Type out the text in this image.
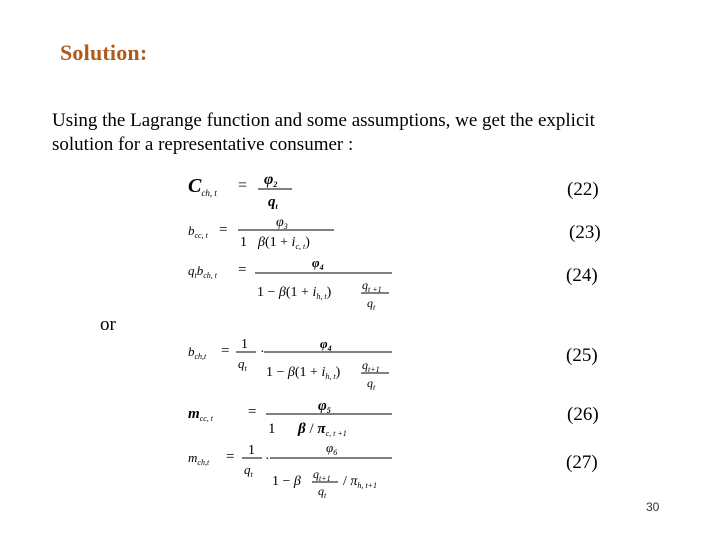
Solution:
Using the Lagrange function and some assumptions, we get the explicit
solution for a representative consumer :
or
(22)
(23)
(24)
(25)
(26)
(27)
$C_{ch, t} = \varphi 2$
$q_t$
$b_{cc, t}$ =	$\varphi_3$
1 $\beta(1 + i_{c, t})$
$q_tb_{ch, t}$ =	$\varphi_4$
$1 - \beta(1 + i_{h, t})$	$q_{t +1}$
$q_t$
$b_{ch,t} = 1$
$q_t$
·
$\varphi_4$
$1 - \beta(1 + i_{h, t})$ $q_{t+1}$
$q_t$
$m_{cc, t}$ =	$\varphi_5$
1 β / $\pi_{c, t +1}$
$m_{ch,t} = 1$
$q_t$
·
$\varphi_6$
1 − β $q_{t+1}$
$q_t$
/ $\pi_{h, t+1}$
30
